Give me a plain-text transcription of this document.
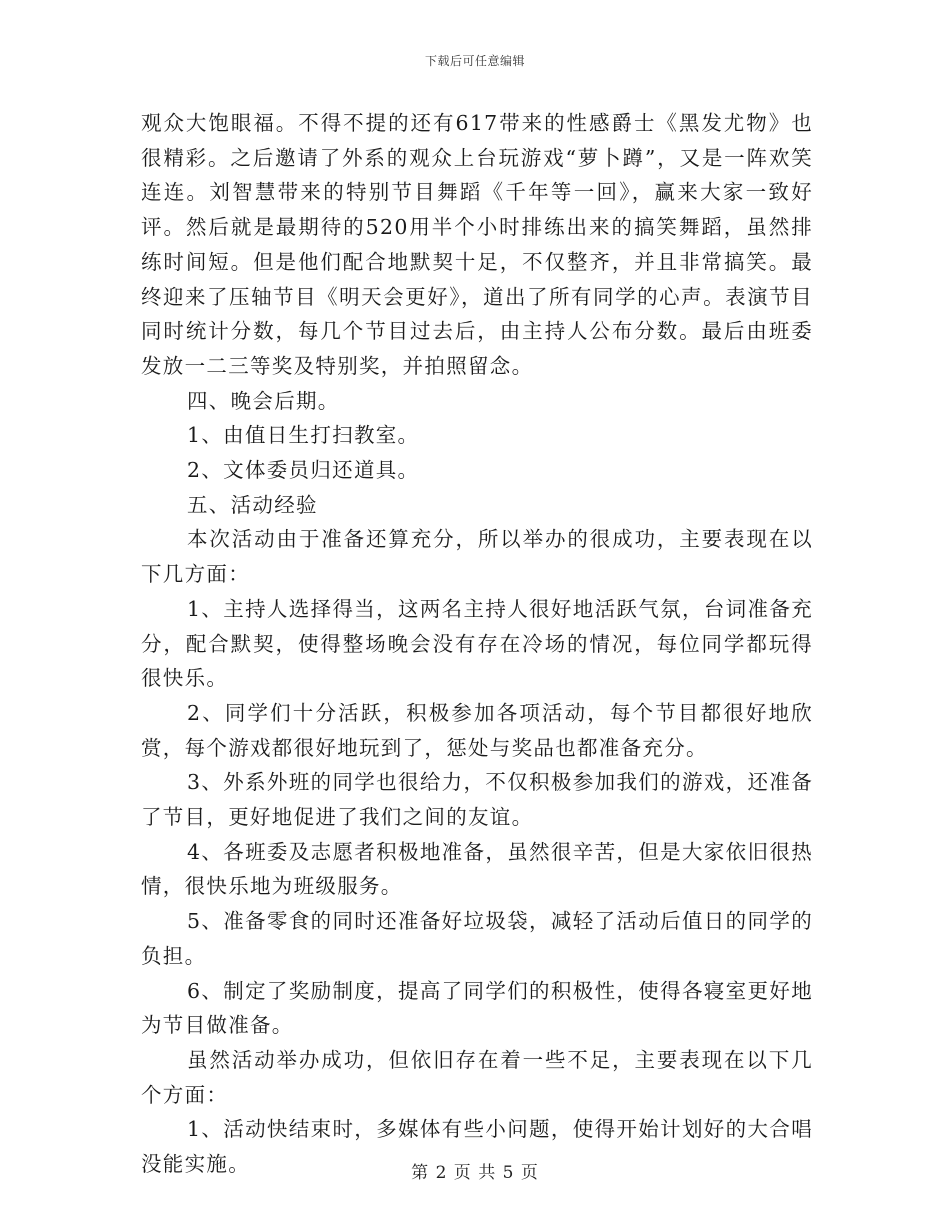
下载后可任意编辑

观众大饱眼福。不得不提的还有617带来的性感爵士《黑发尤物》也很精彩。之后邀请了外系的观众上台玩游戏“萝卜蹲”，又是一阵欢笑连连。刘智慧带来的特别节目舞蹈《千年等一回》，赢来大家一致好评。然后就是最期待的520用半个小时排练出来的搞笑舞蹈，虽然排练时间短。但是他们配合地默契十足，不仅整齐，并且非常搞笑。最终迎来了压轴节目《明天会更好》，道出了所有同学的心声。表演节目同时统计分数，每几个节目过去后，由主持人公布分数。最后由班委发放一二三等奖及特别奖，并拍照留念。

四、晚会后期。

1、由值日生打扫教室。

2、文体委员归还道具。

五、活动经验

本次活动由于准备还算充分，所以举办的很成功，主要表现在以下几方面：

1、主持人选择得当，这两名主持人很好地活跃气氛，台词准备充分，配合默契，使得整场晚会没有存在冷场的情况，每位同学都玩得很快乐。

2、同学们十分活跃，积极参加各项活动，每个节目都很好地欣赏，每个游戏都很好地玩到了，惩处与奖品也都准备充分。

3、外系外班的同学也很给力，不仅积极参加我们的游戏，还准备了节目，更好地促进了我们之间的友谊。

4、各班委及志愿者积极地准备，虽然很辛苦，但是大家依旧很热情，很快乐地为班级服务。

5、准备零食的同时还准备好垃圾袋，减轻了活动后值日的同学的负担。

6、制定了奖励制度，提高了同学们的积极性，使得各寝室更好地为节目做准备。

虽然活动举办成功，但依旧存在着一些不足，主要表现在以下几个方面：

1、活动快结束时，多媒体有些小问题，使得开始计划好的大合唱没能实施。	第 2 页 共 5 页
